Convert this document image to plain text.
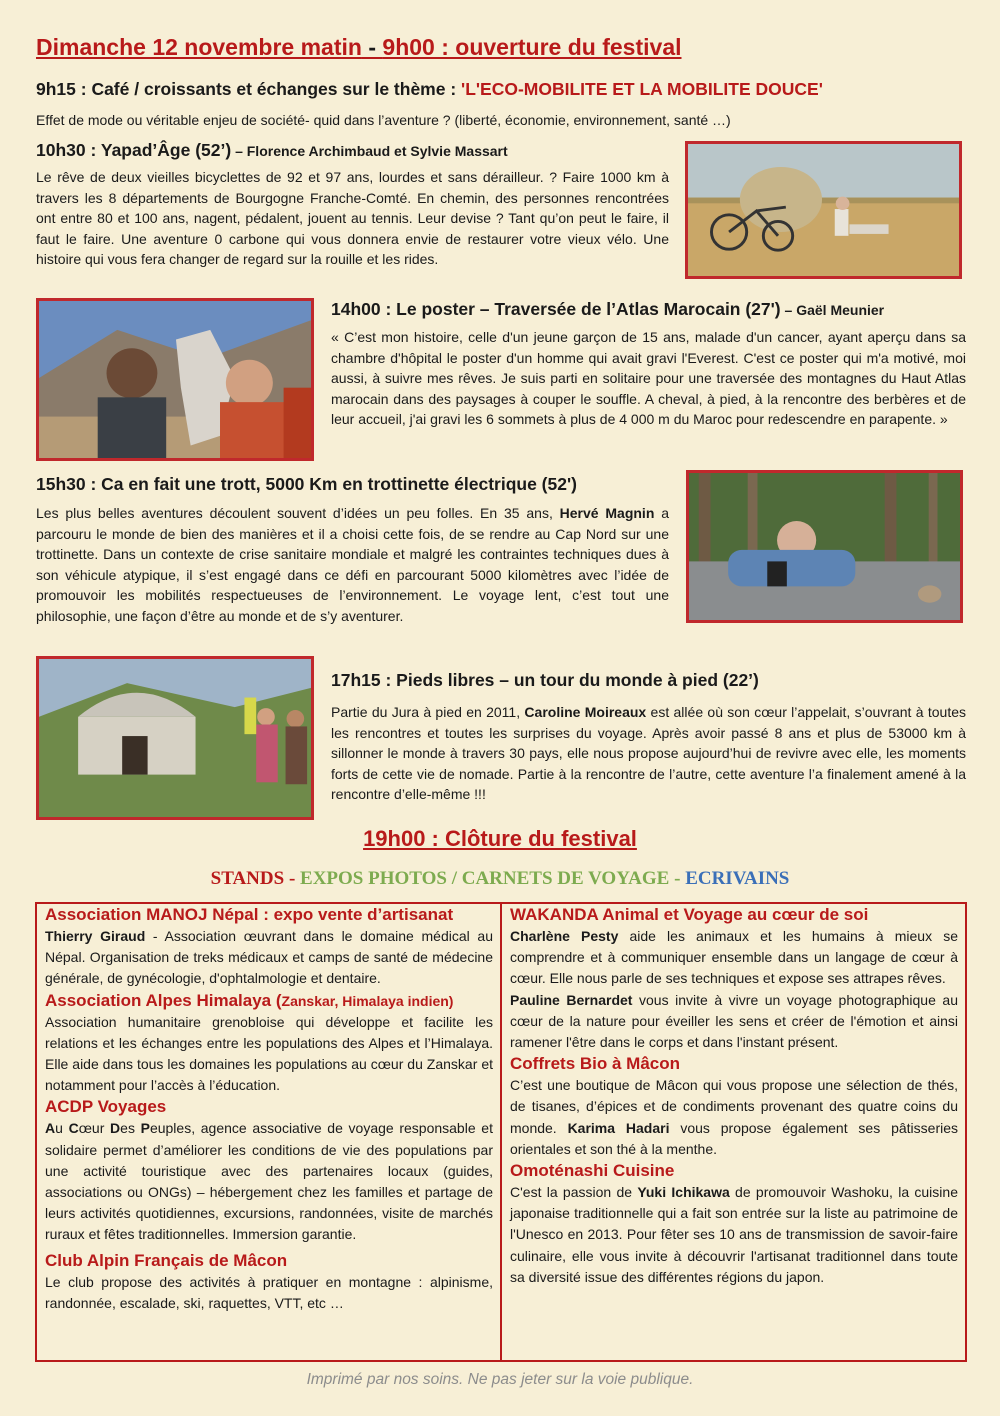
Dimanche 12 novembre matin - 9h00 : ouverture du festival
9h15 : Café / croissants et échanges sur le thème : 'L'ECO-MOBILITE ET LA MOBILITE DOUCE'

Effet de mode ou véritable enjeu de société- quid dans l’aventure ? (liberté, économie, environnement, santé …)

10h30 : Yapad’Âge (52’) – Florence Archimbaud et Sylvie Massart

Le rêve de deux vieilles bicyclettes de 92 et 97 ans, lourdes et sans dérailleur. ? Faire 1000 km à travers les 8 départements de Bourgogne Franche-Comté. En chemin, des personnes rencontrées ont entre 80 et 100 ans, nagent, pédalent, jouent au tennis. Leur devise ? Tant qu’on peut le faire, il faut le faire. Une aventure 0 carbone qui vous donnera envie de restaurer votre vieux vélo. Une histoire qui vous fera changer de regard sur la rouille et les rides.

14h00 : Le poster – Traversée de l’Atlas Marocain (27') – Gaël Meunier

« C’est mon histoire, celle d'un jeune garçon de 15 ans, malade d'un cancer, ayant aperçu dans sa chambre d'hôpital le poster d'un homme qui avait gravi l'Everest. C'est ce poster qui m'a motivé, moi aussi, à suivre mes rêves. Je suis parti en solitaire pour une traversée des montagnes du Haut Atlas marocain dans des paysages à couper le souffle. A cheval, à pied, à la rencontre des berbères et de leur accueil, j'ai gravi les 6 sommets à plus de 4 000 m du Maroc pour redescendre en parapente. »

15h30 : Ca en fait une trott, 5000 Km en trottinette électrique (52')

Les plus belles aventures découlent souvent d’idées un peu folles. En 35 ans, Hervé Magnin a parcouru le monde de bien des manières et il a choisi cette fois, de se rendre au Cap Nord sur une trottinette. Dans un contexte de crise sanitaire mondiale et malgré les contraintes techniques dues à son véhicule atypique, il s’est engagé dans ce défi en parcourant 5000 kilomètres avec l’idée de promouvoir les mobilités respectueuses de l’environnement. Le voyage lent, c’est tout une philosophie, une façon d’être au monde et de s’y aventurer.

17h15 : Pieds libres – un tour du monde à pied (22’)

Partie du Jura à pied en 2011, Caroline Moireaux est allée où son cœur l’appelait, s’ouvrant à toutes les rencontres et toutes les surprises du voyage. Après avoir passé 8 ans et plus de 53000 km à sillonner le monde à travers 30 pays, elle nous propose aujourd’hui de revivre avec elle, les moments forts de cette vie de nomade. Partie à la rencontre de l’autre, cette aventure l’a finalement amené à la rencontre d’elle-même !!!

19h00 : Clôture du festival
STANDS - EXPOS PHOTOS / CARNETS DE VOYAGE - ECRIVAINS
Association MANOJ Népal : expo vente d’artisanat

Thierry Giraud - Association œuvrant dans le domaine médical au Népal. Organisation de treks médicaux et camps de santé de médecine générale, de gynécologie, d'ophtalmologie et dentaire.

Association Alpes Himalaya (Zanskar, Himalaya indien)

Association humanitaire grenobloise qui développe et facilite les relations et les échanges entre les populations des Alpes et l’Himalaya. Elle aide dans tous les domaines les populations au cœur du Zanskar et notamment pour l’accès à l’éducation.

ACDP Voyages

Au Cœur Des Peuples, agence associative de voyage responsable et solidaire permet d’améliorer les conditions de vie des populations par une activité touristique avec des partenaires locaux (guides, associations ou ONGs) – hébergement chez les familles et partage de leurs activités quotidiennes, excursions, randonnées, visite de marchés ruraux et fêtes traditionnelles. Immersion garantie.

Club Alpin Français de Mâcon

Le club propose des activités à pratiquer en montagne : alpinisme, randonnée, escalade, ski, raquettes, VTT, etc …

WAKANDA Animal et Voyage au cœur de soi

Charlène Pesty aide les animaux et les humains à mieux se comprendre et à communiquer ensemble dans un langage de cœur à cœur. Elle nous parle de ses techniques et expose ses attrapes rêves.

Pauline Bernardet vous invite à vivre un voyage photographique au cœur de la nature pour éveiller les sens et créer de l'émotion et ainsi ramener l'être dans le corps et dans l'instant présent.

Coffrets Bio à Mâcon

C’est une boutique de Mâcon qui vous propose une sélection de thés, de tisanes, d’épices et de condiments provenant des quatre coins du monde. Karima Hadari vous propose également ses pâtisseries orientales et son thé à la menthe.

Omoténashi Cuisine

C'est la passion de Yuki Ichikawa de promouvoir Washoku, la cuisine japonaise traditionnelle qui a fait son entrée sur la liste au patrimoine de l'Unesco en 2013. Pour fêter ses 10 ans de transmission de savoir-faire culinaire, elle vous invite à découvrir l'artisanat traditionnel dans toute sa diversité issue des différentes régions du japon.

Imprimé par nos soins. Ne pas jeter sur la voie publique.
